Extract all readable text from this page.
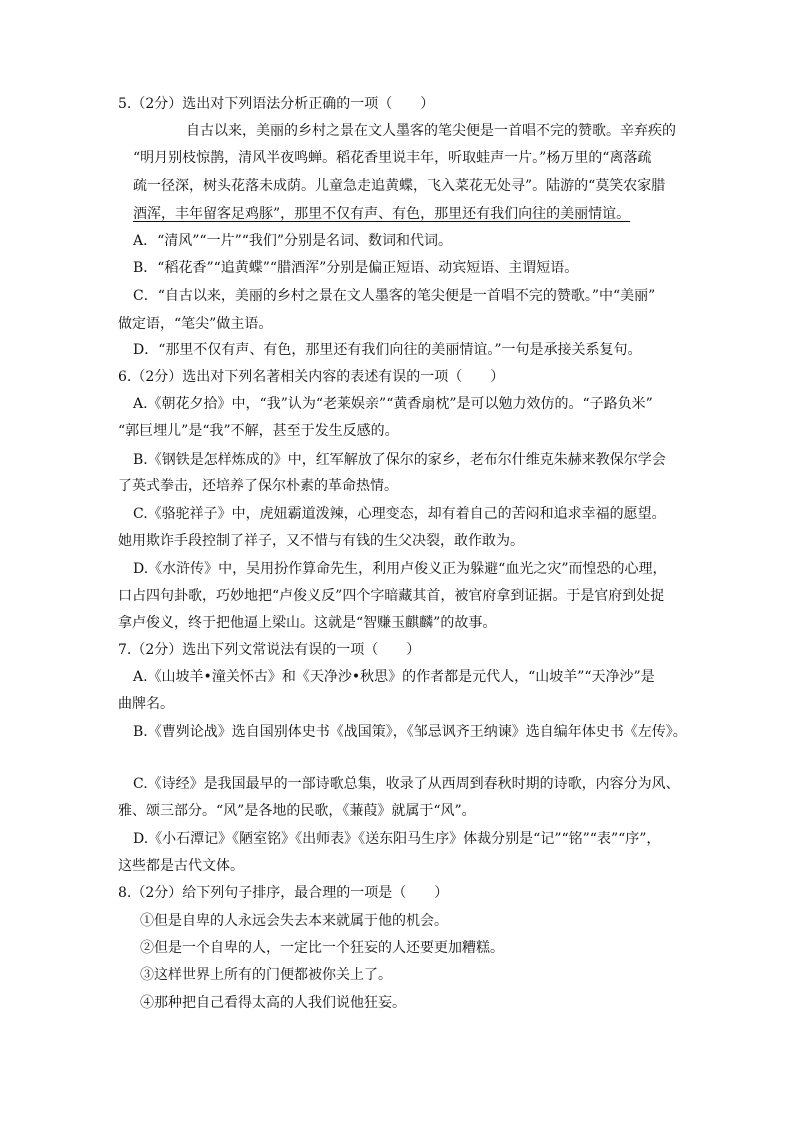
5.（2分）选出对下列语法分析正确的一项（　　）
自古以来，美丽的乡村之景在文人墨客的笔尖便是一首唱不完的赞歌。辛弃疾的
“明月别枝惊鹊，清风半夜鸣蝉。稻花香里说丰年，听取蛙声一片。”杨万里的“离落疏
疏一径深，树头花落未成荫。儿童急走追黄蝶，飞入菜花无处寻”。陆游的“莫笑农家腊
酒浑，丰年留客足鸡豚”，那里不仅有声、有色，那里还有我们向往的美丽情谊。
A．“清风”“一片”“我们”分别是名词、数词和代词。
B．“稻花香”“追黄蝶”“腊酒浑”分别是偏正短语、动宾短语、主谓短语。
C．“自古以来，美丽的乡村之景在文人墨客的笔尖便是一首唱不完的赞歌。”中“美丽”
做定语，“笔尖”做主语。
D．“那里不仅有声、有色，那里还有我们向往的美丽情谊。”一句是承接关系复句。
6.（2分）选出对下列名著相关内容的表述有误的一项（　　）
A.《朝花夕拾》中，“我”认为“老莱娱亲”“黄香扇枕”是可以勉力效仿的。“子路负米”
“郭巨埋儿”是“我”不解，甚至于发生反感的。
B.《钢铁是怎样炼成的》中，红军解放了保尔的家乡，老布尔什维克朱赫来教保尔学会
了英式拳击，还培养了保尔朴素的革命热情。
C.《骆驼祥子》中，虎妞霸道泼辣，心理变态，却有着自己的苦闷和追求幸福的愿望。
她用欺诈手段控制了祥子，又不惜与有钱的生父决裂，敢作敢为。
D.《水浒传》中，吴用扮作算命先生，利用卢俊义正为躲避“血光之灾”而惶恐的心理，
口占四句卦歌，巧妙地把“卢俊义反”四个字暗藏其首，被官府拿到证据。于是官府到处捉
拿卢俊义，终于把他逼上梁山。这就是“智赚玉麒麟”的故事。
7.（2分）选出下列文常说法有误的一项（　　）
A.《山坡羊•潼关怀古》和《天净沙•秋思》的作者都是元代人，“山坡羊”“天净沙”是
曲牌名。
B.《曹刿论战》选自国别体史书《战国策》，《邹忌讽齐王纳谏》选自编年体史书《左传》。
C.《诗经》是我国最早的一部诗歌总集，收录了从西周到春秋时期的诗歌，内容分为风、
雅、颂三部分。“风”是各地的民歌，《蒹葭》就属于“风”。
D.《小石潭记》《陋室铭》《出师表》《送东阳马生序》体裁分别是“记”“铭”“表”“序”，
这些都是古代文体。
8.（2分）给下列句子排序，最合理的一项是（　　）
①但是自卑的人永远会失去本来就属于他的机会。
②但是一个自卑的人，一定比一个狂妄的人还要更加糟糕。
③这样世界上所有的门便都被你关上了。
④那种把自己看得太高的人我们说他狂妄。
